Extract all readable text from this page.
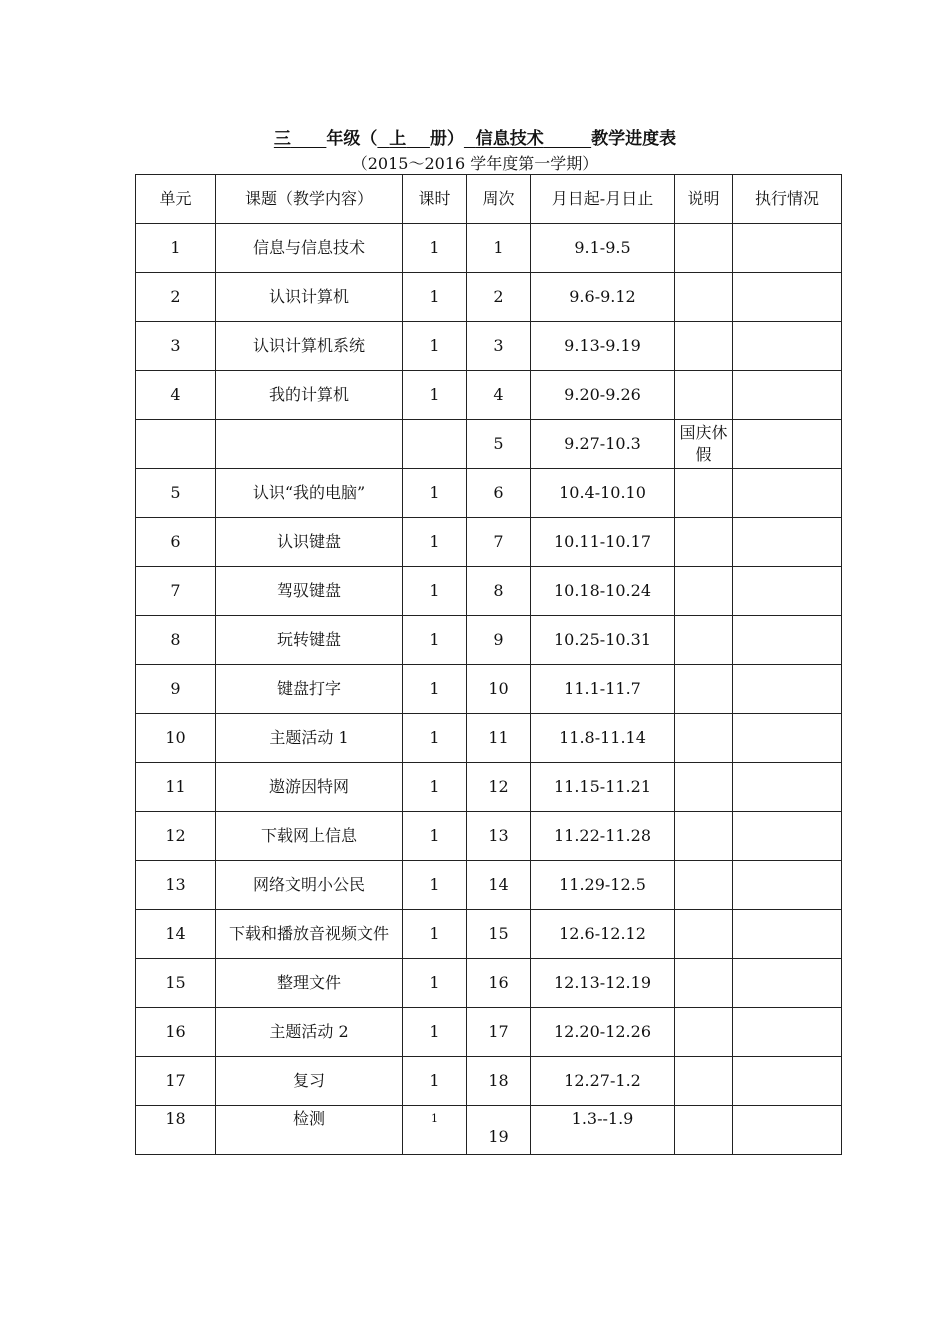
三 年级（ 上 册） 信息技术	教学进度表
（2015～2016 学年度第一学期）
单元	课题（教学内容）	课时	周次	月日起-月日止	说明	执行情况
1	信息与信息技术	1	1	9.1-9.5		
2	认识计算机	1	2	9.6-9.12		
3	认识计算机系统	1	3	9.13-9.19		
4	我的计算机	1	4	9.20-9.26		
			5	9.27-10.3	国庆休假	
5	认识“我的电脑”	1	6	10.4-10.10		
6	认识键盘	1	7	10.11-10.17		
7	驾驭键盘	1	8	10.18-10.24		
8	玩转键盘	1	9	10.25-10.31		
9	键盘打字	1	10	11.1-11.7		
10	主题活动 1	1	11	11.8-11.14		
11	遨游因特网	1	12	11.15-11.21		
12	下载网上信息	1	13	11.22-11.28		
13	网络文明小公民	1	14	11.29-12.5		
14	下载和播放音视频文件	1	15	12.6-12.12		
15	整理文件	1	16	12.13-12.19		
16	主题活动 2	1	17	12.20-12.26		
17	复习	1	18	12.27-1.2		
18	检测	1	19	1.3--1.9		
